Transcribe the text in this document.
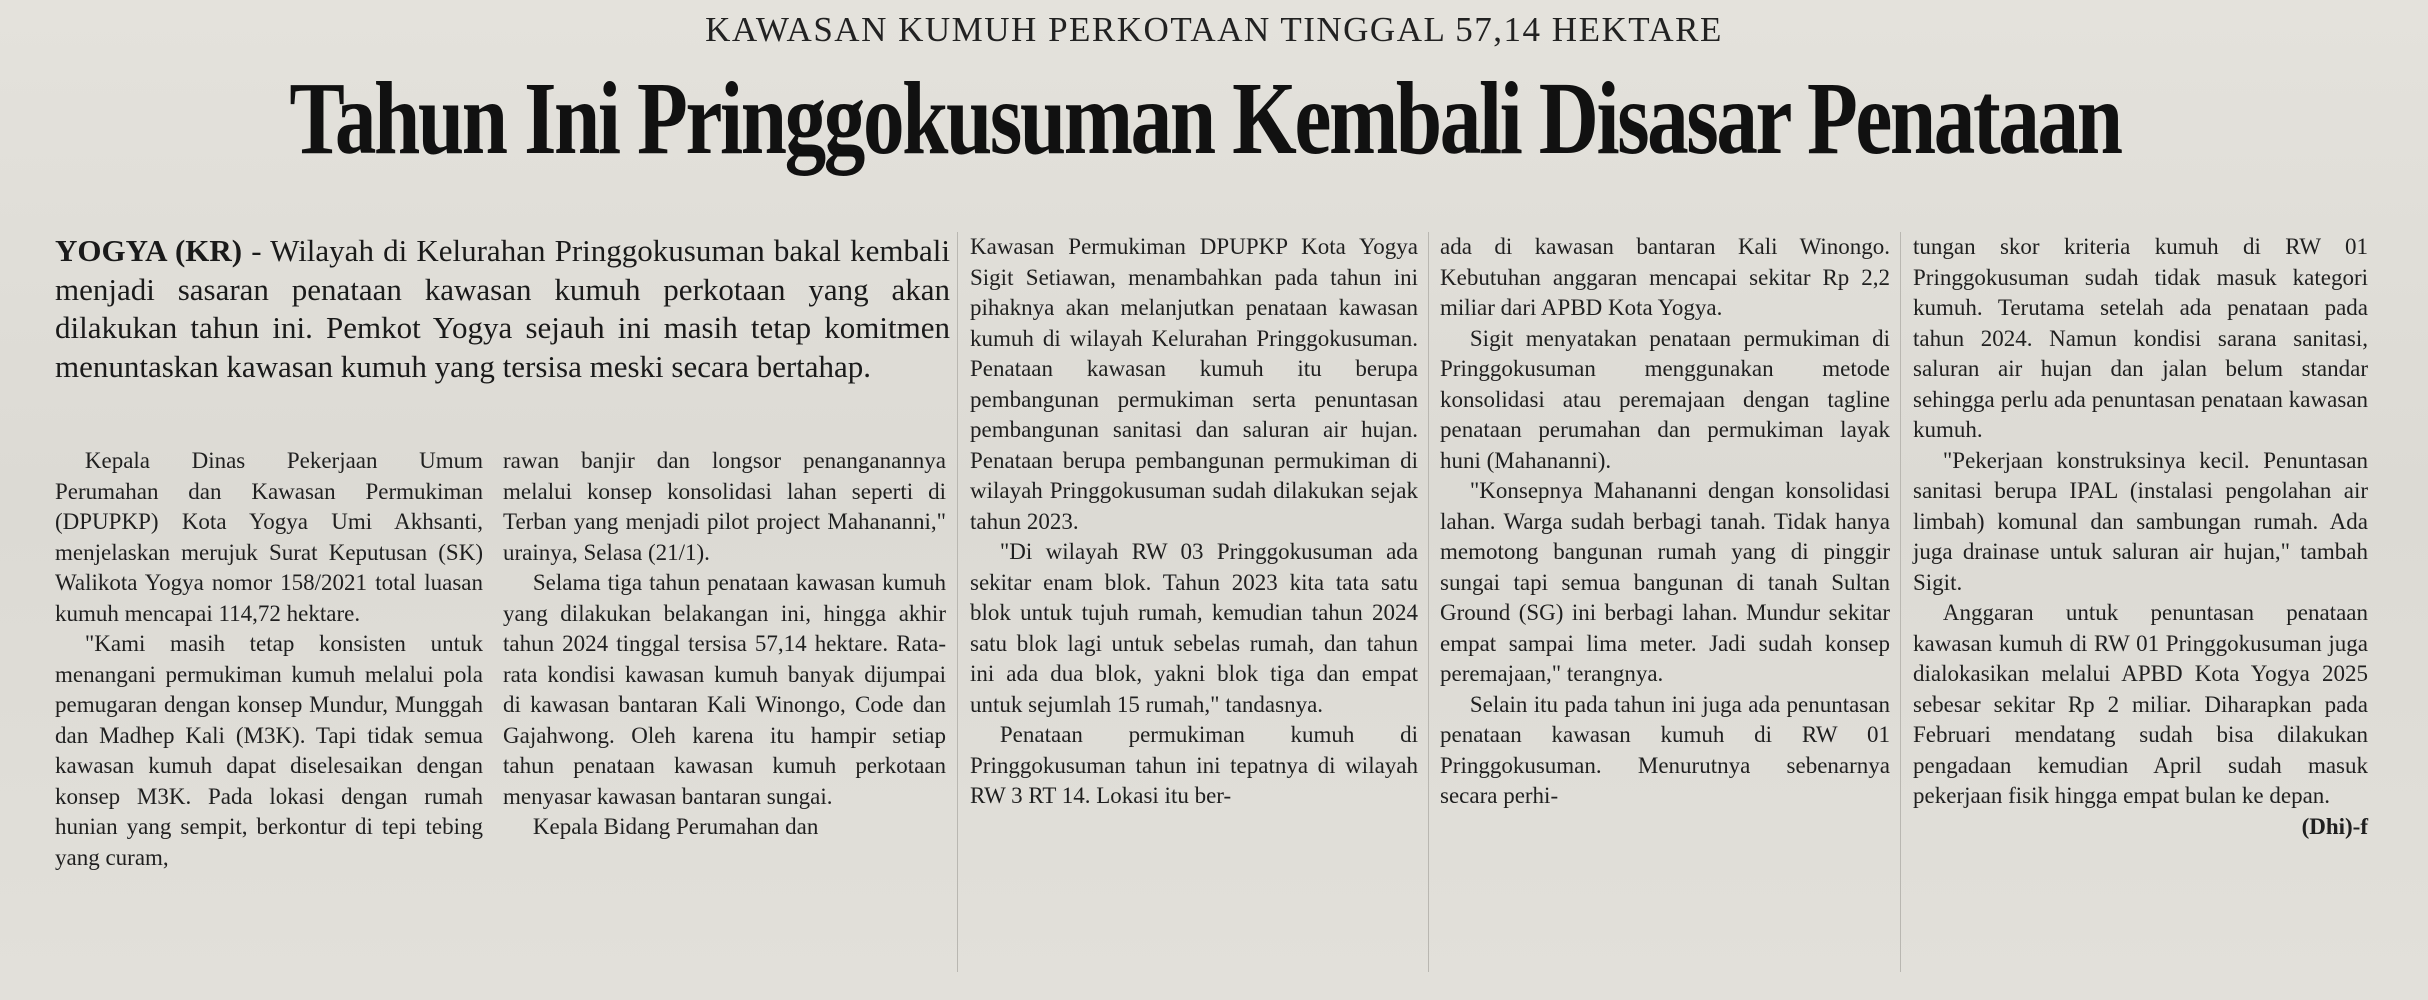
KAWASAN KUMUH PERKOTAAN TINGGAL 57,14 HEKTARE
Tahun Ini Pringgokusuman Kembali Disasar Penataan
YOGYA (KR) - Wilayah di Kelurahan Pringgokusuman bakal kembali menjadi sasaran penataan kawasan kumuh perkotaan yang akan dilakukan tahun ini. Pemkot Yogya sejauh ini masih tetap komitmen menuntaskan kawasan kumuh yang tersisa meski secara bertahap.

Kepala Dinas Pekerjaan Umum Perumahan dan Kawasan Permukiman (DPUPKP) Kota Yogya Umi Akhsanti, menjelaskan merujuk Surat Keputusan (SK) Walikota Yogya nomor 158/2021 total luasan kumuh mencapai 114,72 hektare.

"Kami masih tetap konsisten untuk menangani permukiman kumuh melalui pola pemugaran dengan konsep Mundur, Munggah dan Madhep Kali (M3K). Tapi tidak semua kawasan kumuh dapat diselesaikan dengan konsep M3K. Pada lokasi dengan rumah hunian yang sempit, berkontur di tepi tebing yang curam,

rawan banjir dan longsor penanganannya melalui konsep konsolidasi lahan seperti di Terban yang menjadi pilot project Mahananni," urainya, Selasa (21/1).

Selama tiga tahun penataan kawasan kumuh yang dilakukan belakangan ini, hingga akhir tahun 2024 tinggal tersisa 57,14 hektare. Rata-rata kondisi kawasan kumuh banyak dijumpai di kawasan bantaran Kali Winongo, Code dan Gajahwong. Oleh karena itu hampir setiap tahun penataan kawasan kumuh perkotaan menyasar kawasan bantaran sungai.

Kepala Bidang Perumahan dan

Kawasan Permukiman DPUPKP Kota Yogya Sigit Setiawan, menambahkan pada tahun ini pihaknya akan melanjutkan penataan kawasan kumuh di wilayah Kelurahan Pringgokusuman. Penataan kawasan kumuh itu berupa pembangunan permukiman serta penuntasan pembangunan sanitasi dan saluran air hujan. Penataan berupa pembangunan permukiman di wilayah Pringgokusuman sudah dilakukan sejak tahun 2023.

"Di wilayah RW 03 Pringgokusuman ada sekitar enam blok. Tahun 2023 kita tata satu blok untuk tujuh rumah, kemudian tahun 2024 satu blok lagi untuk sebelas rumah, dan tahun ini ada dua blok, yakni blok tiga dan empat untuk sejumlah 15 rumah," tandasnya.

Penataan permukiman kumuh di Pringgokusuman tahun ini tepatnya di wilayah RW 3 RT 14. Lokasi itu ber-

ada di kawasan bantaran Kali Winongo. Kebutuhan anggaran mencapai sekitar Rp 2,2 miliar dari APBD Kota Yogya.

Sigit menyatakan penataan permukiman di Pringgokusuman menggunakan metode konsolidasi atau peremajaan dengan tagline penataan perumahan dan permukiman layak huni (Mahananni).

"Konsepnya Mahananni dengan konsolidasi lahan. Warga sudah berbagi tanah. Tidak hanya memotong bangunan rumah yang di pinggir sungai tapi semua bangunan di tanah Sultan Ground (SG) ini berbagi lahan. Mundur sekitar empat sampai lima meter. Jadi sudah konsep peremajaan," terangnya.

Selain itu pada tahun ini juga ada penuntasan penataan kawasan kumuh di RW 01 Pringgokusuman. Menurutnya sebenarnya secara perhi-

tungan skor kriteria kumuh di RW 01 Pringgokusuman sudah tidak masuk kategori kumuh. Terutama setelah ada penataan pada tahun 2024. Namun kondisi sarana sanitasi, saluran air hujan dan jalan belum standar sehingga perlu ada penuntasan penataan kawasan kumuh.

"Pekerjaan konstruksinya kecil. Penuntasan sanitasi berupa IPAL (instalasi pengolahan air limbah) komunal dan sambungan rumah. Ada juga drainase untuk saluran air hujan," tambah Sigit.

Anggaran untuk penuntasan penataan kawasan kumuh di RW 01 Pringgokusuman juga dialokasikan melalui APBD Kota Yogya 2025 sebesar sekitar Rp 2 miliar. Diharapkan pada Februari mendatang sudah bisa dilakukan pengadaan kemudian April sudah masuk pekerjaan fisik hingga empat bulan ke depan.
(Dhi)-f
